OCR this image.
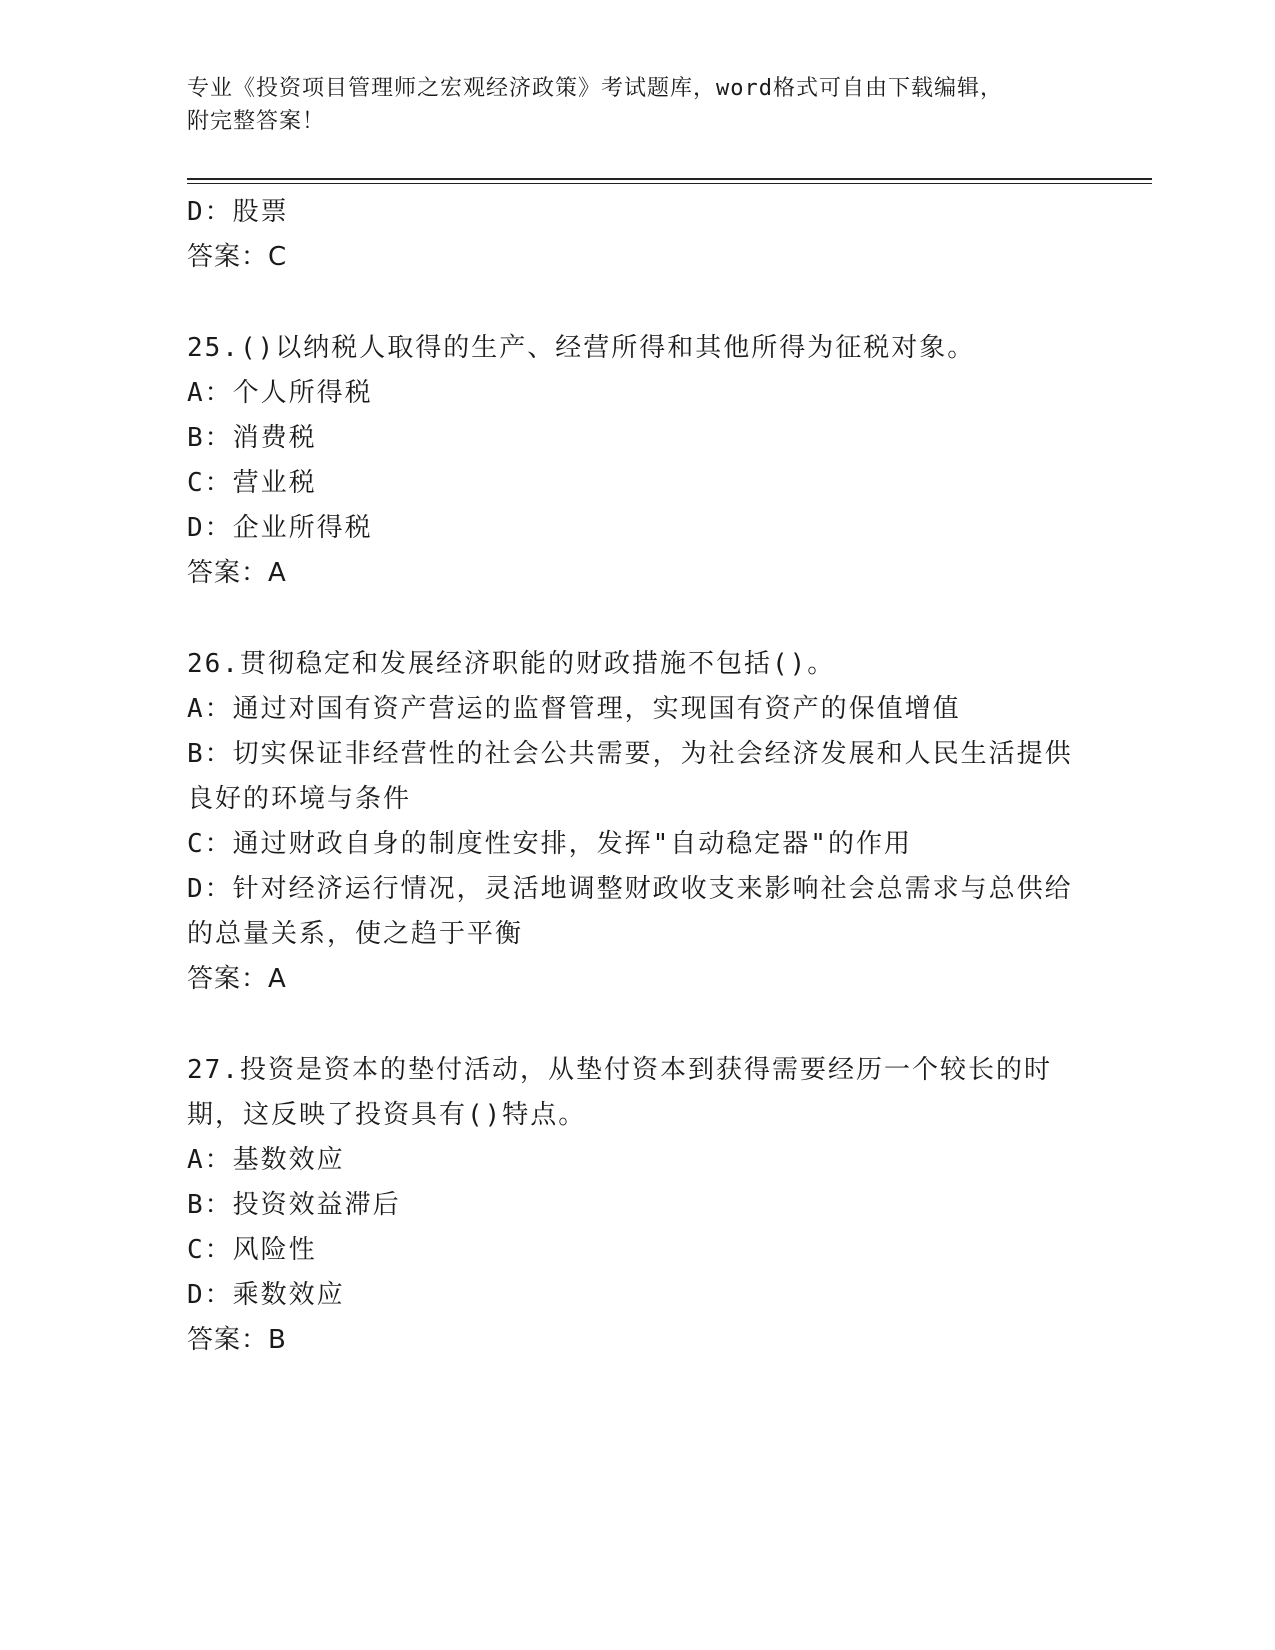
专业《投资项目管理师之宏观经济政策》考试题库，word格式可自由下载编辑，
附完整答案！

D：股票

答案：C

25.()以纳税人取得的生产、经营所得和其他所得为征税对象。

A：个人所得税

B：消费税

C：营业税

D：企业所得税

答案：A

26.贯彻稳定和发展经济职能的财政措施不包括()。

A：通过对国有资产营运的监督管理，实现国有资产的保值增值

B：切实保证非经营性的社会公共需要，为社会经济发展和人民生活提供良好的环境与条件

C：通过财政自身的制度性安排，发挥"自动稳定器"的作用

D：针对经济运行情况，灵活地调整财政收支来影响社会总需求与总供给的总量关系，使之趋于平衡

答案：A

27.投资是资本的垫付活动，从垫付资本到获得需要经历一个较长的时期，这反映了投资具有()特点。

A：基数效应

B：投资效益滞后

C：风险性

D：乘数效应

答案：B
